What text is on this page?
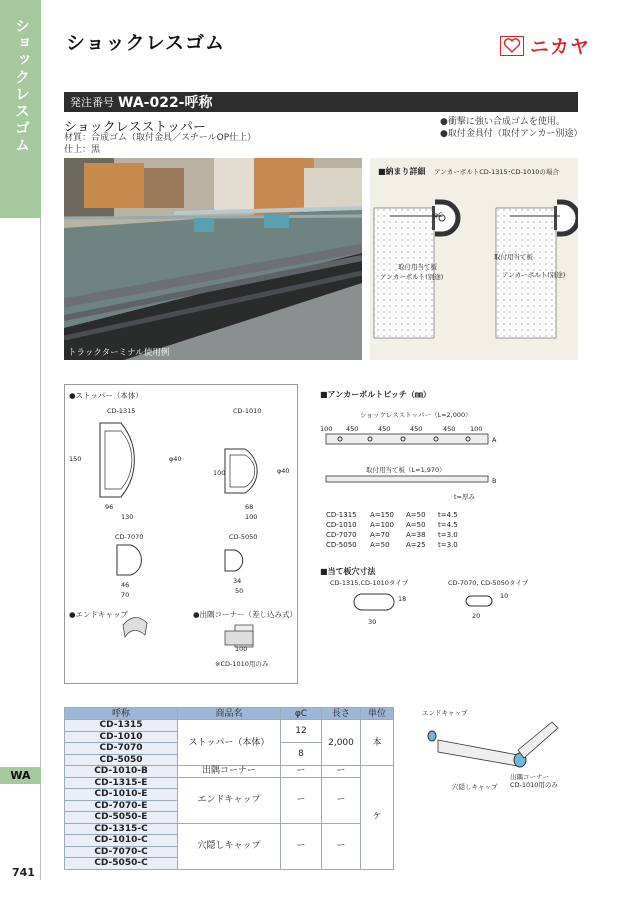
ショックレスゴム
WA
741
ショックレスゴム	ニカヤ
発注番号 WA-022-呼称
ショックレスストッパー
材質：合成ゴム（取付金具／スチールOP仕上）
仕上：黒
●衝撃に強い合成ゴムを使用。
●取付金具付（取付アンカー別途）
トラックターミナル使用例
■納まり詳細 アンカーボルトCD-1315･CD-1010の場合
φC
取付用当て板
アンカーボルト(別途)
取付用当て板
アンカーボルト(別途)
●ストッパー（本体）
CD-1315	CD-1010
150
96
130
φ40
100
68
100
φ40
CD-7070	CD-5050
46
70
34
50
●エンドキャップ	●出隅コーナー（差し込み式）
100
※CD-1010用のみ
■アンカーボルトピッチ（㎜）
ショックレスストッパー（L=2,000）
100 450	450	450	450 100
A
取付用当て板（L=1,970）
B
t=厚み
CD-1315	A=150	A=50	t=4.5
CD-1010	A=100	A=50	t=4.5
CD-7070	A=70	A=38	t=3.0
CD-5050	A=50	A=25	t=3.0
■当て板穴寸法
CD-1315,CD-1010タイプ	CD-7070, CD-5050タイプ
30
18
20
10
呼称	商品名	φC	長さ	単位
CD-1315	ストッパー（本体）	12	2,000	本
CD-1010				
CD-7070		8		
CD-5050				
CD-1010-B	出隅コーナー	ー	ー	ケ
CD-1315-E	エンドキャップ	ー	ー	
CD-1010-E				
CD-7070-E				
CD-5050-E				
CD-1315-C	穴隠しキャップ	ー	ー	
CD-1010-C				
CD-7070-C				
CD-5050-C				
エンドキャップ
穴隠しキャップ
出隅コーナー
CD-1010用のみ
